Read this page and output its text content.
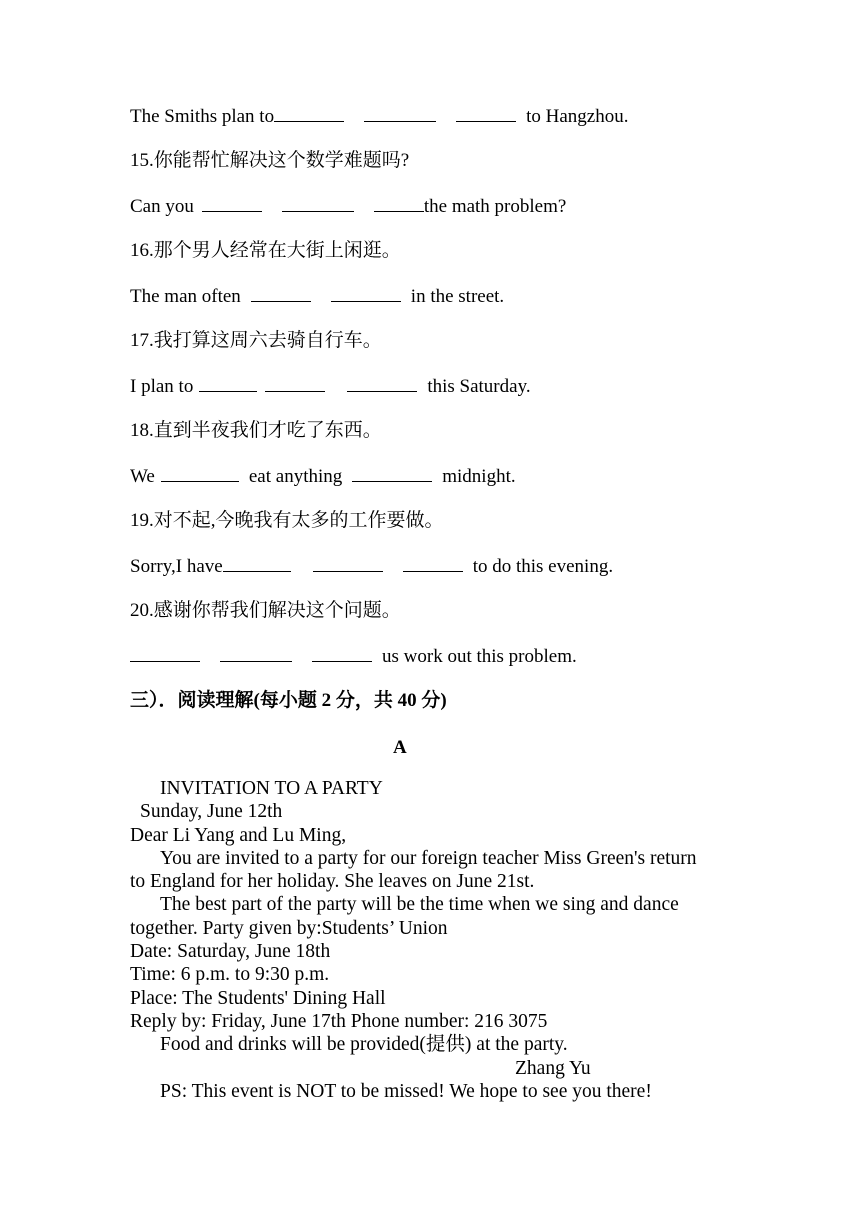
The Smiths plan to	to Hangzhou.
15.你能帮忙解决这个数学难题吗?
Can you	the math problem?
16.那个男人经常在大街上闲逛。
The man often	in the street.
17.我打算这周六去骑自行车。
I plan to	this Saturday.
18.直到半夜我们才吃了东西。
We	eat anything	midnight.
19.对不起,今晚我有太多的工作要做。
Sorry,I have	to do this evening.
20.感谢你帮我们解决这个问题。
us work out this problem.
三）．阅读理解(每小题 2 分，共 40 分)
A
INVITATION TO A PARTY
Sunday, June 12th
Dear Li Yang and Lu Ming,
You are invited to a party for our foreign teacher Miss Green's return
to England for her holiday. She leaves on June 21st.
The best part of the party will be the time when we sing and dance
together. Party given by:Students’ Union
Date: Saturday, June 18th
Time: 6 p.m. to 9:30 p.m.
Place: The Students' Dining Hall
Reply by: Friday, June 17th Phone number: 216 3075
Food and drinks will be provided(提供) at the party.
Zhang Yu
PS: This event is NOT to be missed! We hope to see you there!
